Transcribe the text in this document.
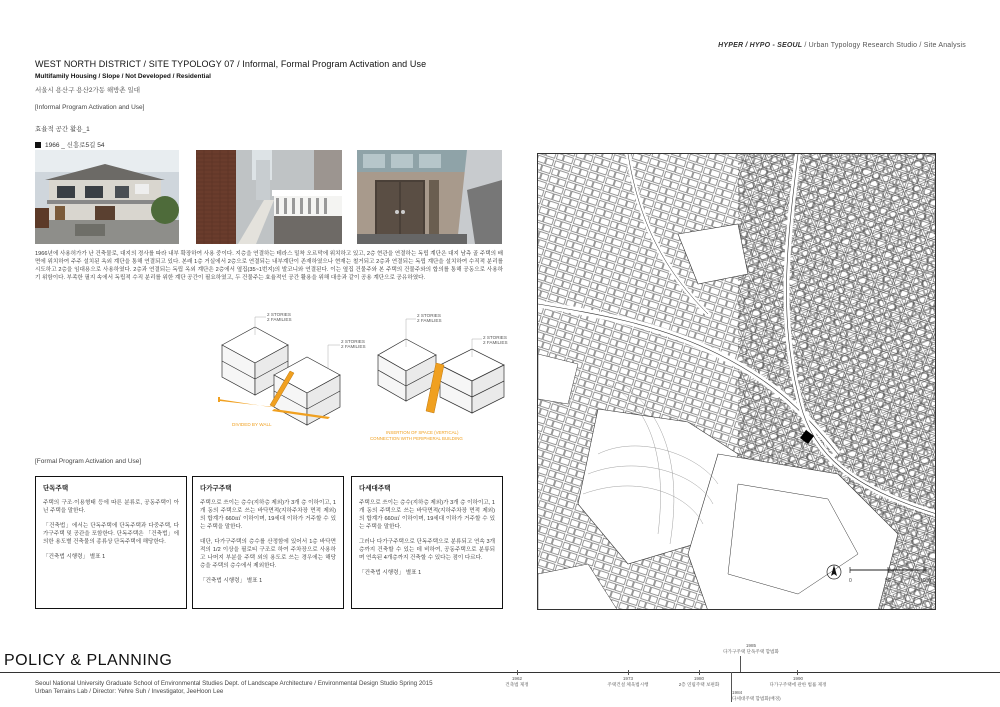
HYPER / HYPO - SEOUL / Urban Typology Research Studio / Site Analysis
WEST NORTH DISTRICT / SITE TYPOLOGY 07 / Informal, Formal Program Activation and Use
Multifamily Housing / Slope / Not Developed / Residential
서울시 용산구 용산2가동 해방촌 일대
[Informal Program Activation and Use]
효율적 공간 활용_1
1966 _ 신흥로5길 54
1966년에 사용허가가 난 건축물로, 대지의 경사를 따라 내부 확장하여 사용 중이다. 지층을 연결하는 테라스 밀착 오르막에 위치하고 있고, 2층 현관을 연결하는 독립 계단은 대지 남측 골 주택의 배면에 위치하여 주주 설치된 옥외 계단을 통해 연결되고 있다. 본래 1층 거실에서 2층으로 연결되는 내부계단이 존재하였으나 현재는 철거되고 2층과 연결되는 독립 계단을 설치하여 수직적 분리를 시도하고 2층을 임대용으로 사용하였다. 2층과 연결되는 독립 옥외 계단은 2층에서 옆집(35~1번지)의 발코니와 연결된다. 이는 옆집 건물주와 본 주택의 건물주와의 합의를 통해 공동으로 사용하기 위함이다. 부족한 필지 속에서 독립적 수직 분리를 위한 계단 공간이 필요하였고, 두 건물주는 효율적인 공간 활용을 위해 대응과 같이 공용 계단으로 공유하였다.
2 STORIES
2 FAMILIES
2 STORIES
2 FAMILIES
DIVIDED BY WALL
2 STORIES
2 FAMILIES
2 STORIES
2 FAMILIES
INSERTION OF SPACE (VERTICAL)
CONNECTION WITH PERIPHERAL BUILDING
[Formal Program Activation and Use]
단독주택

주택의 구조·이용형태 등에 따른 분류로, 공동주택이 아닌 주택을 말한다.

「건축법」에서는 단독주택에 단독주택과 다중주택, 다가구주택 및 공관을 포함한다. 단독주택은 「건축법」에 의한 용도별 건축물의 종류상 단독주택에 해당한다.

「건축법 시행령」 별표 1

다가구주택

주택으로 쓰이는 층수(지하층 제외)가 3개 층 이하이고, 1개 동의 주택으로 쓰는 바닥면적(지하주차장 면적 제외)의 합계가 660㎡ 이하이며, 19세대 이하가 거주할 수 있는 주택을 말한다.

대단, 다가구주택의 층수를 산정함에 있어서 1층 바닥면적의 1/2 이상을 필로티 구조로 하여 주차장으로 사용하고 나머지 부분을 주택 외의 용도로 쓰는 경우에는 해당 층을 주택의 층수에서 제외한다.

「건축법 시행령」 별표 1

다세대주택

주택으로 쓰이는 층수(지하층 제외)가 3개 층 이하이고, 1개 동의 주택으로 쓰는 바닥면적(지하주차장 면적 제외)의 합계가 660㎡ 이하이며, 19세대 이하가 거주할 수 있는 주택을 말한다.

그러나 다가구주택으로 단독주택으로 분류되고 연속 3개층까지 건축할 수 있는 데 비하여, 공동주택으로 분류되며 연속된 4개층까지 건축할 수 있다는 점이 다르다.

「건축법 시행령」 별표 1

0	50	100(m)
POLICY & PLANNING
Seoul National University Graduate School of Environmental Studies Dept. of Landscape Architecture / Environmental Design Studio Spring 2015
Urban Terrains Lab / Director: Yehre Suh / Investigator, JeeHoon Lee
1962
건축법 제정
1973
주택건설 체육법시행
1980
2층 연립주택 보편화
1984
다세대주택 합법화(배경)
1985
다가구주택 단독주택 합법화
1990
다가구주택에 관한 법률 제정
